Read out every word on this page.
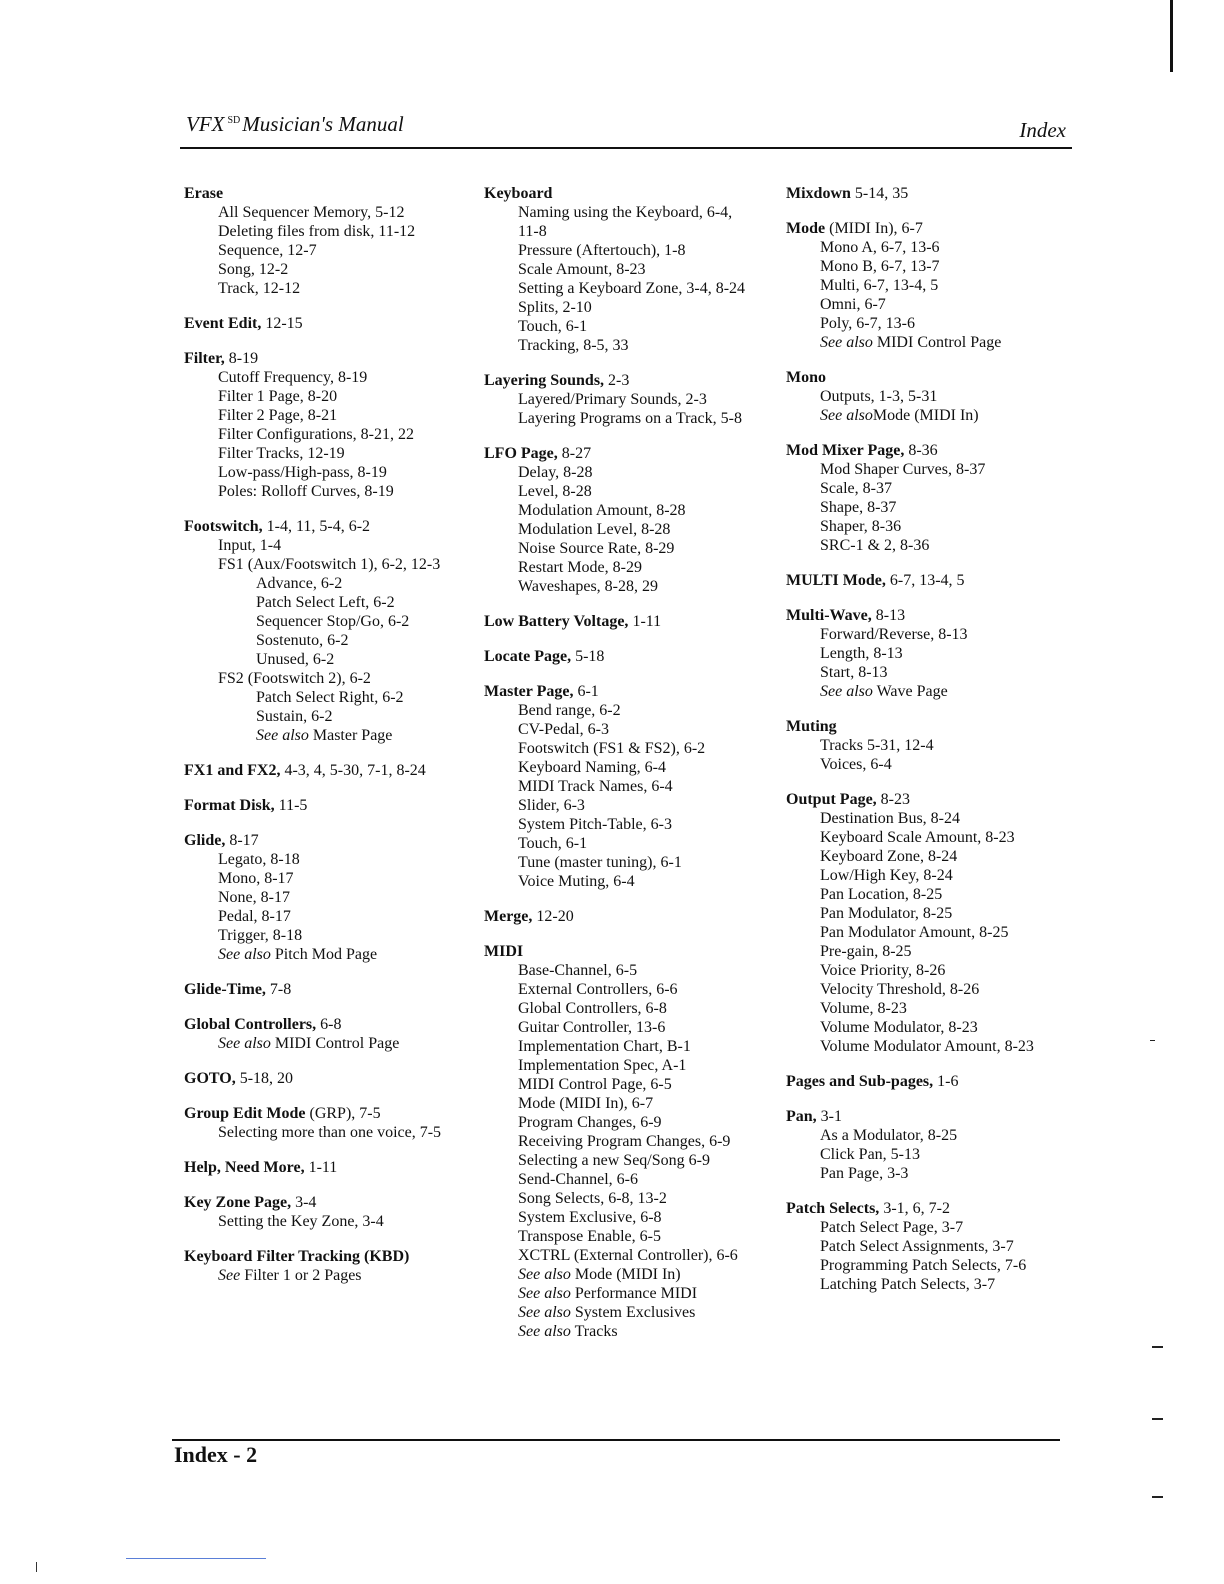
VFX $^{SD}$Musician's Manual	Index
Erase
All Sequencer Memory, 5-12
Deleting files from disk, 11-12
Sequence, 12-7
Song, 12-2
Track, 12-12
Event Edit, 12-15
Filter, 8-19
Cutoff Frequency, 8-19
Filter 1 Page, 8-20
Filter 2 Page, 8-21
Filter Configurations, 8-21, 22
Filter Tracks, 12-19
Low-pass/High-pass, 8-19
Poles: Rolloff Curves, 8-19
Footswitch, 1-4, 11, 5-4, 6-2
Input, 1-4
FS1 (Aux/Footswitch 1), 6-2, 12-3
Advance, 6-2
Patch Select Left, 6-2
Sequencer Stop/Go, 6-2
Sostenuto, 6-2
Unused, 6-2
FS2 (Footswitch 2), 6-2
Patch Select Right, 6-2
Sustain, 6-2
See also Master Page
FX1 and FX2, 4-3, 4, 5-30, 7-1, 8-24
Format Disk, 11-5
Glide, 8-17
Legato, 8-18
Mono, 8-17
None, 8-17
Pedal, 8-17
Trigger, 8-18
See also Pitch Mod Page
Glide-Time, 7-8
Global Controllers, 6-8
See also MIDI Control Page
GOTO, 5-18, 20
Group Edit Mode (GRP), 7-5
Selecting more than one voice, 7-5
Help, Need More, 1-11
Key Zone Page, 3-4
Setting the Key Zone, 3-4
Keyboard Filter Tracking (KBD)
See Filter 1 or 2 Pages
Keyboard
Naming using the Keyboard, 6-4,
11-8
Pressure (Aftertouch), 1-8
Scale Amount, 8-23
Setting a Keyboard Zone, 3-4, 8-24
Splits, 2-10
Touch, 6-1
Tracking, 8-5, 33
Layering Sounds, 2-3
Layered/Primary Sounds, 2-3
Layering Programs on a Track, 5-8
LFO Page, 8-27
Delay, 8-28
Level, 8-28
Modulation Amount, 8-28
Modulation Level, 8-28
Noise Source Rate, 8-29
Restart Mode, 8-29
Waveshapes, 8-28, 29
Low Battery Voltage, 1-11
Locate Page, 5-18
Master Page, 6-1
Bend range, 6-2
CV-Pedal, 6-3
Footswitch (FS1 & FS2), 6-2
Keyboard Naming, 6-4
MIDI Track Names, 6-4
Slider, 6-3
System Pitch-Table, 6-3
Touch, 6-1
Tune (master tuning), 6-1
Voice Muting, 6-4
Merge, 12-20
MIDI
Base-Channel, 6-5
External Controllers, 6-6
Global Controllers, 6-8
Guitar Controller, 13-6
Implementation Chart, B-1
Implementation Spec, A-1
MIDI Control Page, 6-5
Mode (MIDI In), 6-7
Program Changes, 6-9
Receiving Program Changes, 6-9
Selecting a new Seq/Song 6-9
Send-Channel, 6-6
Song Selects, 6-8, 13-2
System Exclusive, 6-8
Transpose Enable, 6-5
XCTRL (External Controller), 6-6
See also Mode (MIDI In)
See also Performance MIDI
See also System Exclusives
See also Tracks
Mixdown 5-14, 35
Mode (MIDI In), 6-7
Mono A, 6-7, 13-6
Mono B, 6-7, 13-7
Multi, 6-7, 13-4, 5
Omni, 6-7
Poly, 6-7, 13-6
See also MIDI Control Page
Mono
Outputs, 1-3, 5-31
See alsoMode (MIDI In)
Mod Mixer Page, 8-36
Mod Shaper Curves, 8-37
Scale, 8-37
Shape, 8-37
Shaper, 8-36
SRC-1 & 2, 8-36
MULTI Mode, 6-7, 13-4, 5
Multi-Wave, 8-13
Forward/Reverse, 8-13
Length, 8-13
Start, 8-13
See also Wave Page
Muting
Tracks 5-31, 12-4
Voices, 6-4
Output Page, 8-23
Destination Bus, 8-24
Keyboard Scale Amount, 8-23
Keyboard Zone, 8-24
Low/High Key, 8-24
Pan Location, 8-25
Pan Modulator, 8-25
Pan Modulator Amount, 8-25
Pre-gain, 8-25
Voice Priority, 8-26
Velocity Threshold, 8-26
Volume, 8-23
Volume Modulator, 8-23
Volume Modulator Amount, 8-23
Pages and Sub-pages, 1-6
Pan, 3-1
As a Modulator, 8-25
Click Pan, 5-13
Pan Page, 3-3
Patch Selects, 3-1, 6, 7-2
Patch Select Page, 3-7
Patch Select Assignments, 3-7
Programming Patch Selects, 7-6
Latching Patch Selects, 3-7
Index - 2
